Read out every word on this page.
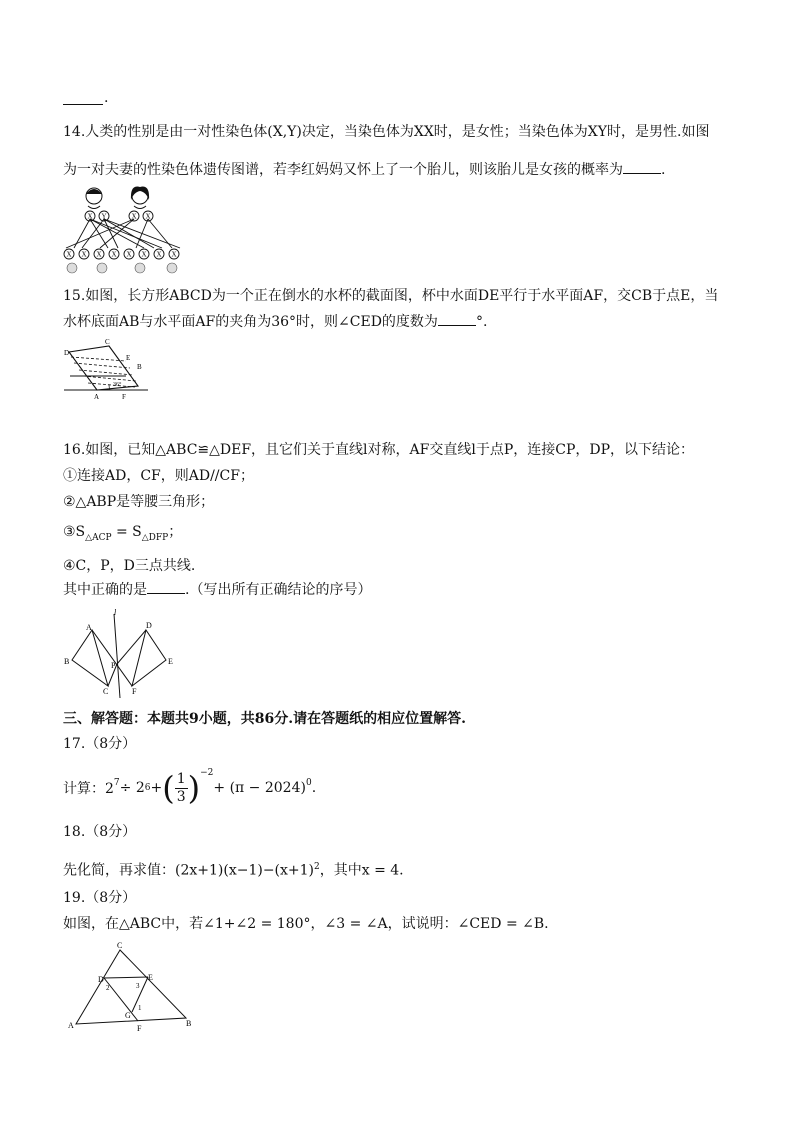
.
14.人类的性别是由一对性染色体(X,Y)决定，当染色体为XX时，是女性；当染色体为XY时，是男性.如图
为一对夫妻的性染色体遗传图谱，若李红妈妈又怀上了一个胎儿，则该胎儿是女孩的概率为	.
X Y	X X
X X X X X X X X
15.如图，长方形ABCD为一个正在倒水的水杯的截面图，杯中水面DE平行于水平面AF，交CB于点E，当
水杯底面AB与水平面AF的夹角为36°时，则∠CED的度数为	°.
C
D
E
B
A	F
36°
16.如图，已知△ABC≌△DEF，且它们关于直线l对称，AF交直线l于点P，连接CP，DP，以下结论：
①连接AD，CF，则AD//CF；
②△ABP是等腰三角形；
$③S_{\triangle ACP} = S_{\triangle DFP}$；
④C，P，D三点共线.
其中正确的是	.（写出所有正确结论的序号）
l
A
B
C
D
E
F
P
三、解答题：本题共9小题，共86分.请在答题纸的相应位置解答.
17.（8分）
计算：$2^7 \div 2$ 6 + ( $\frac{1}{3} )^{-2}$
+ $(\pi - 2024)^0$ .
18.（8分）
先化简，再求值：$(2x+1)(x-1)-(x+1)^2$，其中x = 4.
19.（8分）
如图，在△ABC中，若∠1+∠2 = 180°，∠3 = ∠A，试说明：∠CED = ∠B.
C
D	E
A	B
F
G
1
2	3
